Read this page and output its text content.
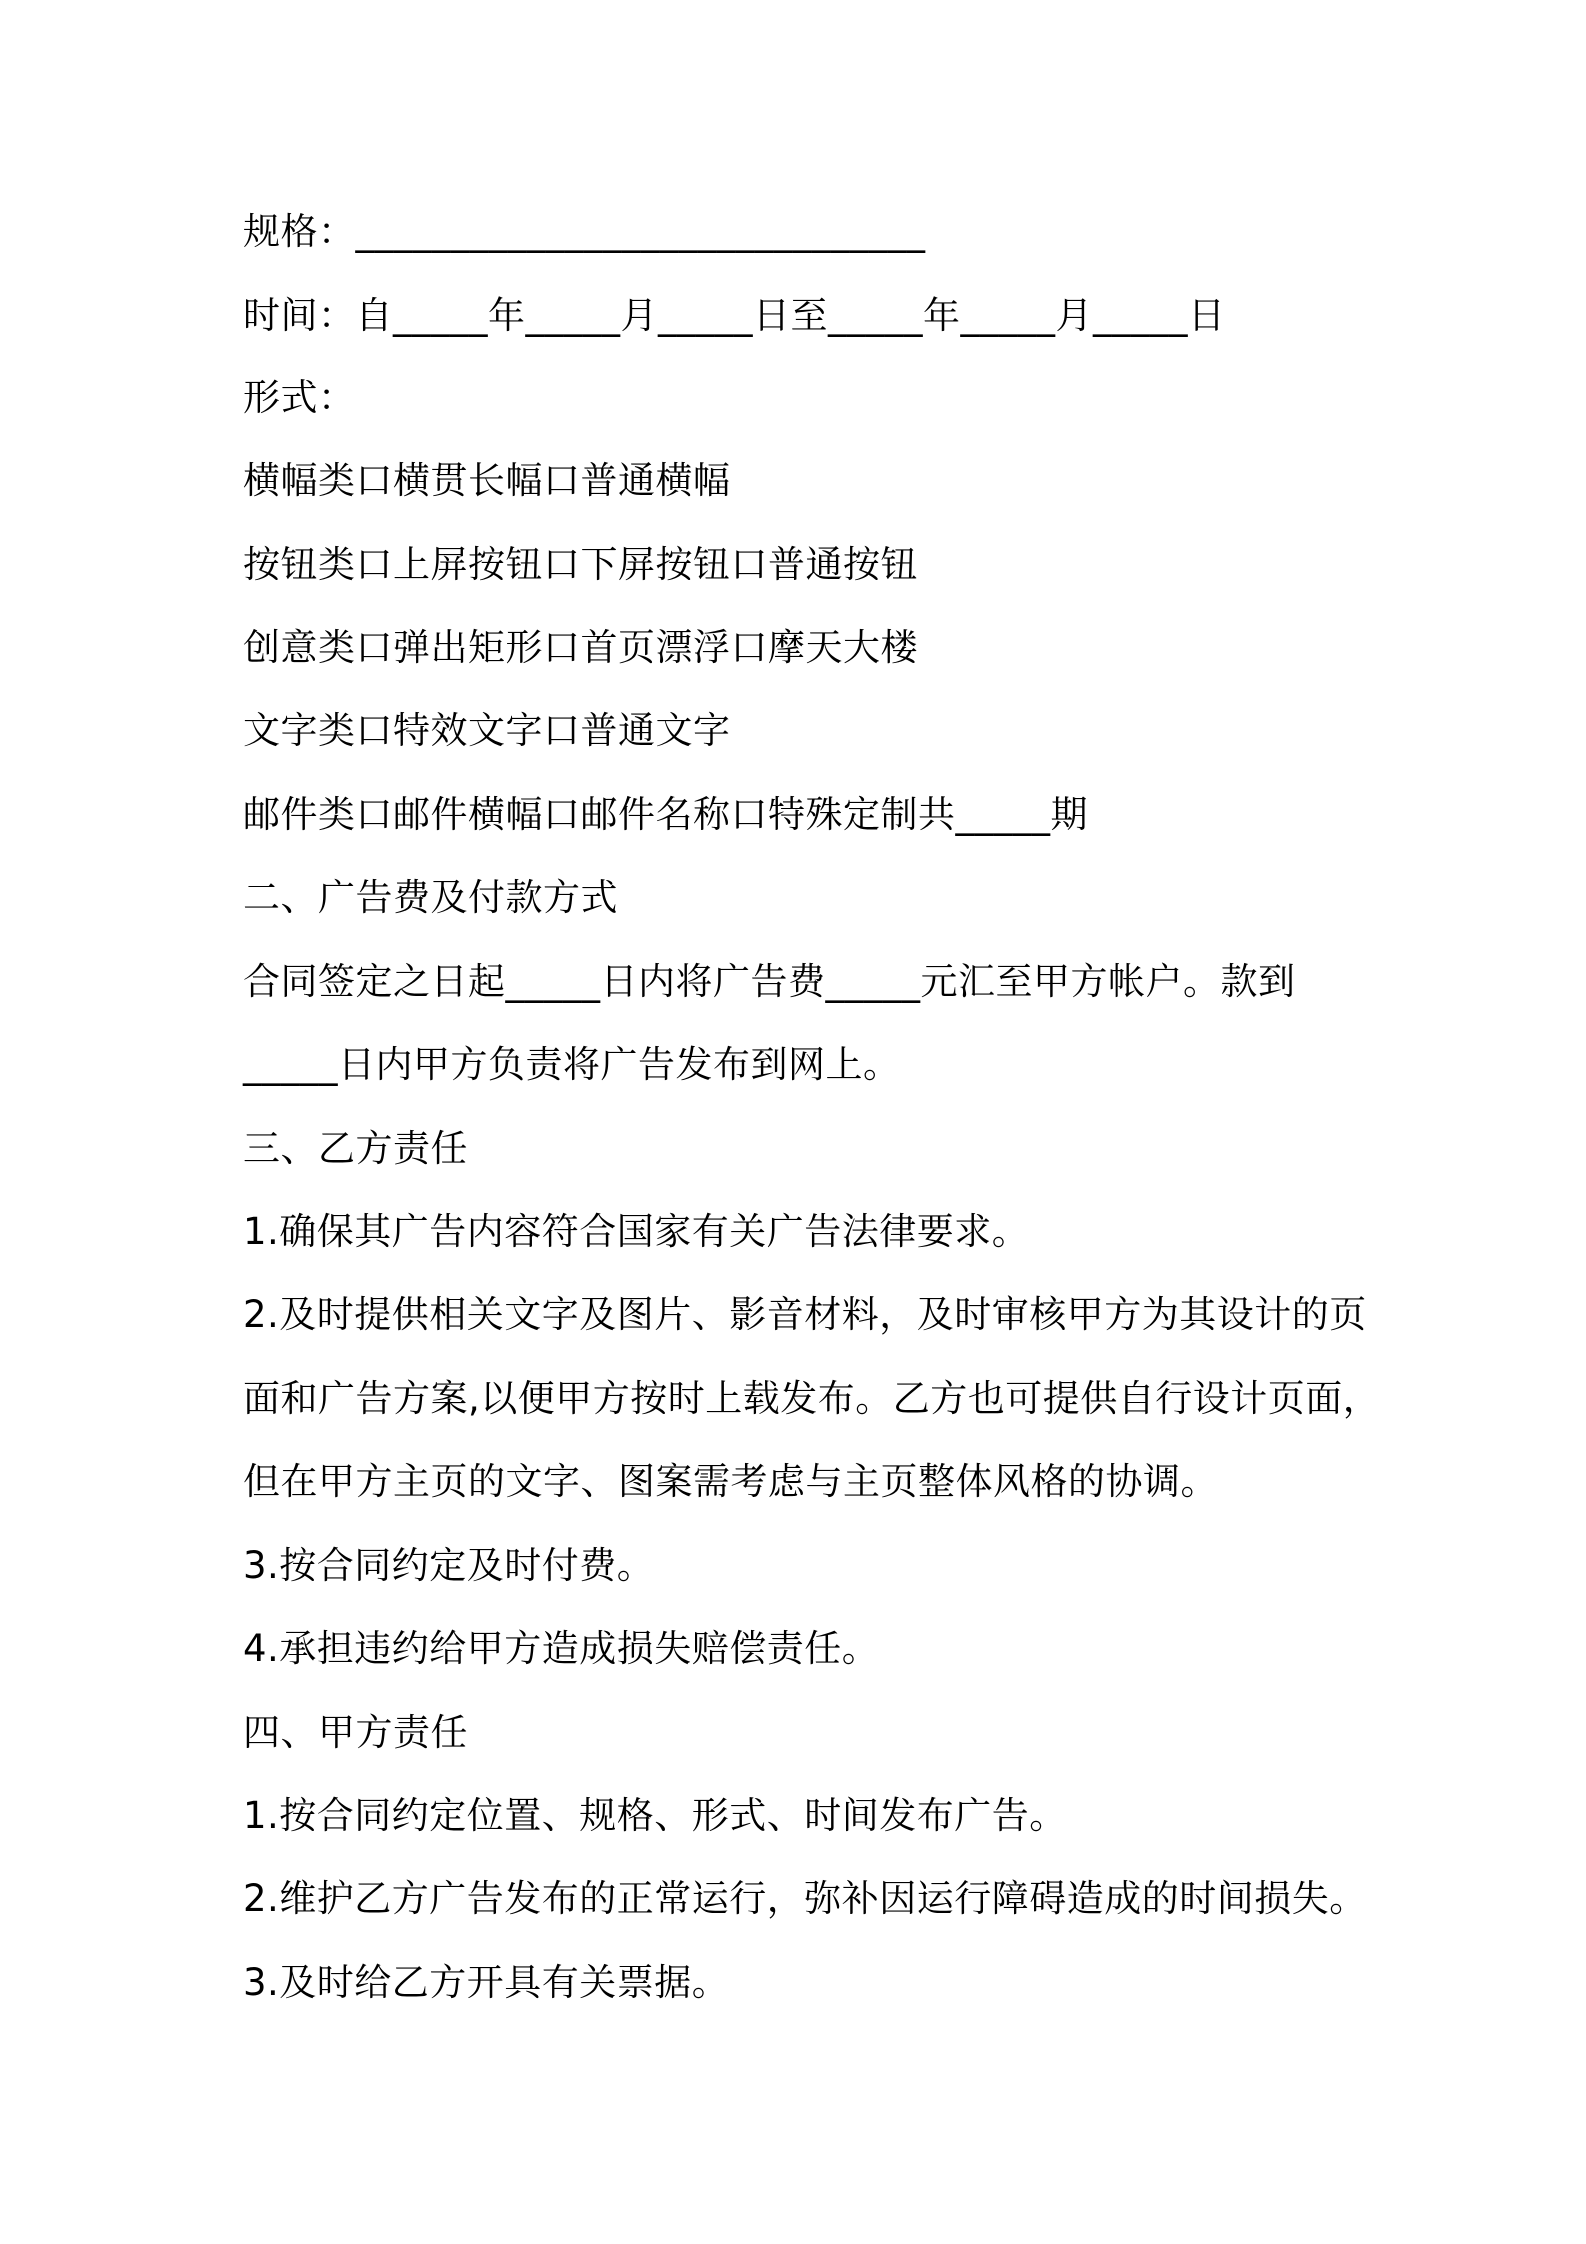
规格：______________________________
时间：自_____年_____月_____日至_____年_____月_____日
形式：
横幅类口横贯长幅口普通横幅
按钮类口上屏按钮口下屏按钮口普通按钮
创意类口弹出矩形口首页漂浮口摩天大楼
文字类口特效文字口普通文字
邮件类口邮件横幅口邮件名称口特殊定制共_____期
二、广告费及付款方式
合同签定之日起_____日内将广告费_____元汇至甲方帐户。款到
_____日内甲方负责将广告发布到网上。
三、乙方责任
1.确保其广告内容符合国家有关广告法律要求。
2.及时提供相关文字及图片、影音材料，及时审核甲方为其设计的页
面和广告方案,以便甲方按时上载发布。乙方也可提供自行设计页面，
但在甲方主页的文字、图案需考虑与主页整体风格的协调。
3.按合同约定及时付费。
4.承担违约给甲方造成损失赔偿责任。
四、甲方责任
1.按合同约定位置、规格、形式、时间发布广告。
2.维护乙方广告发布的正常运行，弥补因运行障碍造成的时间损失。
3.及时给乙方开具有关票据。
